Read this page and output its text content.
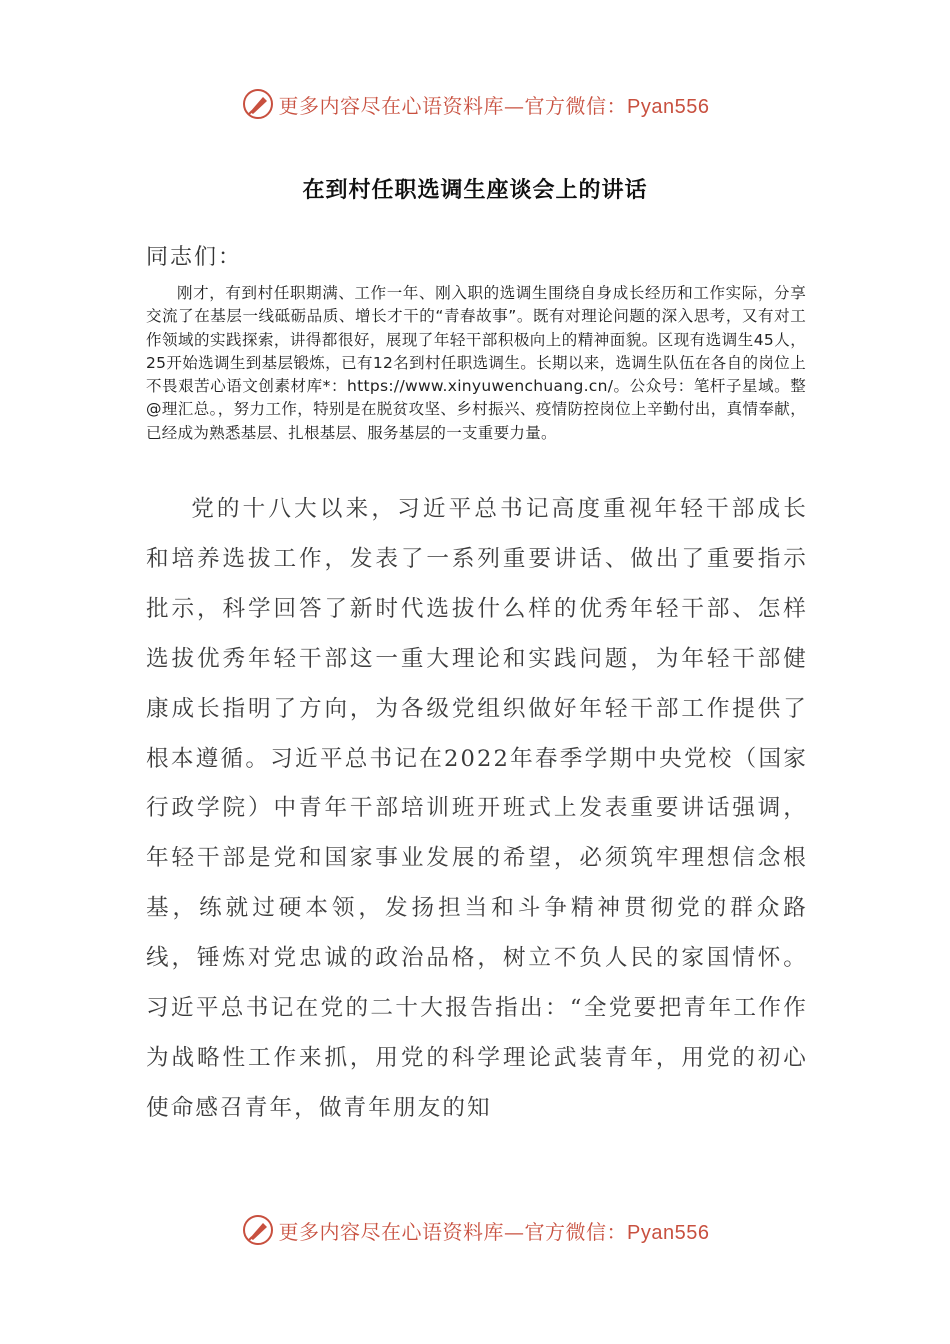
更多内容尽在心语资料库—官方微信：Pyan556
在到村任职选调生座谈会上的讲话
同志们：

刚才，有到村任职期满、工作一年、刚入职的选调生围绕自身成长经历和工作实际，分享交流了在基层一线砥砺品质、增长才干的“青春故事”。既有对理论问题的深入思考，又有对工作领域的实践探索，讲得都很好，展现了年轻干部积极向上的精神面貌。区现有选调生45人，25开始选调生到基层锻炼，已有12名到村任职选调生。长期以来，选调生队伍在各自的岗位上不畏艰苦心语文创素材库*：https://www.xinyuwenchuang.cn/。公众号：笔杆子星域。整@理汇总。，努力工作，特别是在脱贫攻坚、乡村振兴、疫情防控岗位上辛勤付出，真情奉献，已经成为熟悉基层、扎根基层、服务基层的一支重要力量。

党的十八大以来，习近平总书记高度重视年轻干部成长和培养选拔工作，发表了一系列重要讲话、做出了重要指示批示，科学回答了新时代选拔什么样的优秀年轻干部、怎样选拔优秀年轻干部这一重大理论和实践问题，为年轻干部健康成长指明了方向，为各级党组织做好年轻干部工作提供了根本遵循。习近平总书记在2022年春季学期中央党校（国家行政学院）中青年干部培训班开班式上发表重要讲话强调，年轻干部是党和国家事业发展的希望，必须筑牢理想信念根基，练就过硬本领，发扬担当和斗争精神贯彻党的群众路线，锤炼对党忠诚的政治品格，树立不负人民的家国情怀。习近平总书记在党的二十大报告指出：“全党要把青年工作作为战略性工作来抓，用党的科学理论武装青年，用党的初心使命感召青年，做青年朋友的知

更多内容尽在心语资料库—官方微信：Pyan556
